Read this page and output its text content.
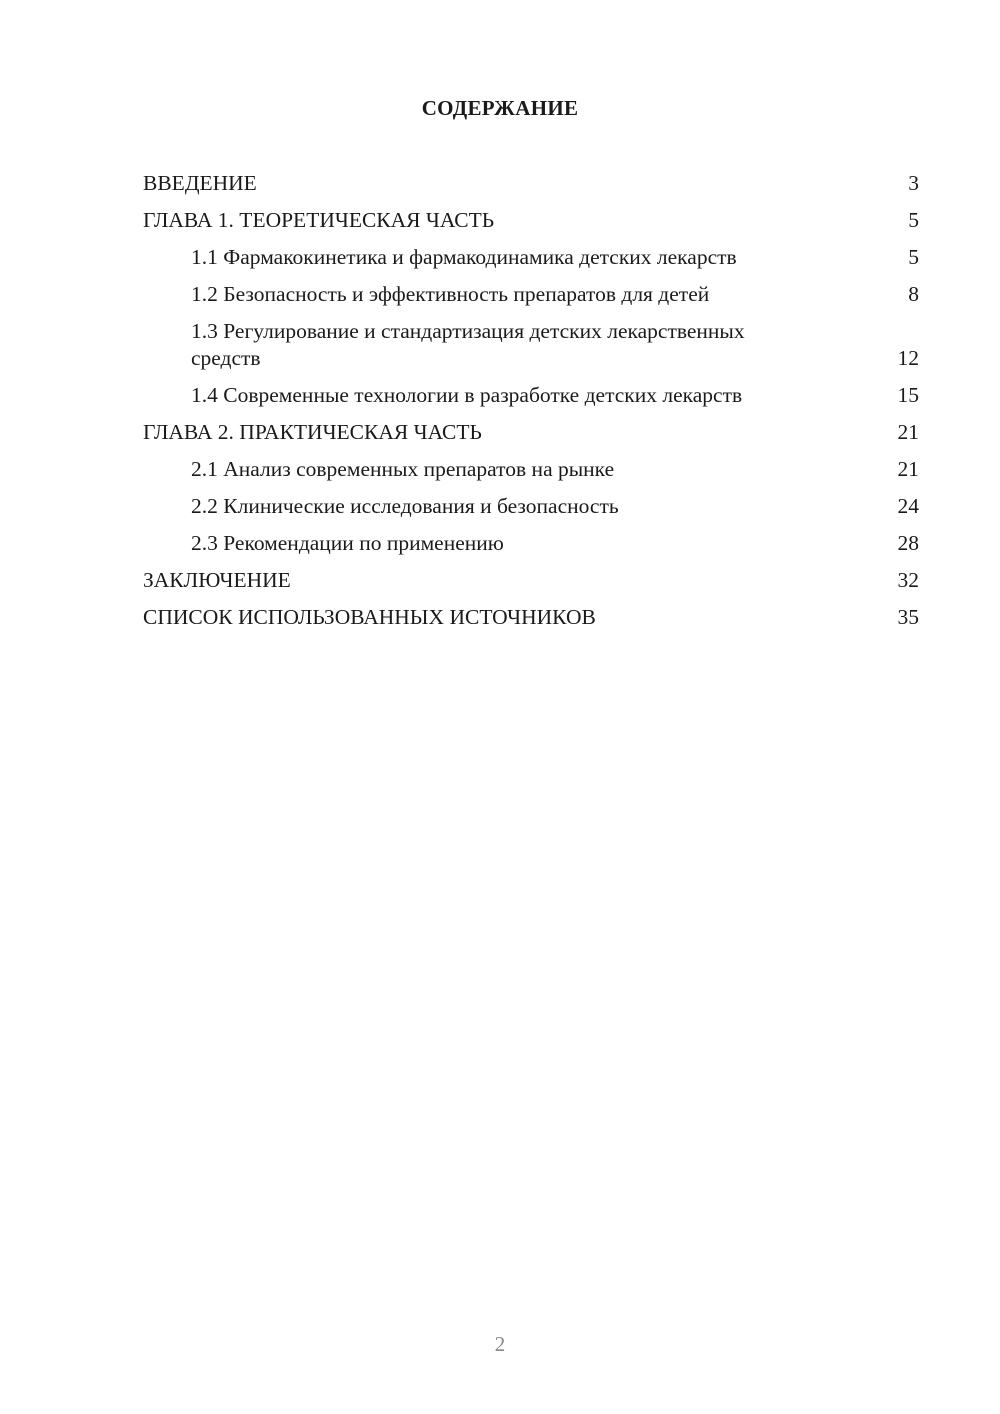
СОДЕРЖАНИЕ
ВВЕДЕНИЕ	3
ГЛАВА 1. ТЕОРЕТИЧЕСКАЯ ЧАСТЬ	5
1.1 Фармакокинетика и фармакодинамика детских лекарств	5
1.2 Безопасность и эффективность препаратов для детей	8
1.3 Регулирование и стандартизация детских лекарственных средств	12
1.4 Современные технологии в разработке детских лекарств	15
ГЛАВА 2. ПРАКТИЧЕСКАЯ ЧАСТЬ	21
2.1 Анализ современных препаратов на рынке	21
2.2 Клинические исследования и безопасность	24
2.3 Рекомендации по применению	28
ЗАКЛЮЧЕНИЕ	32
СПИСОК ИСПОЛЬЗОВАННЫХ ИСТОЧНИКОВ	35
2
